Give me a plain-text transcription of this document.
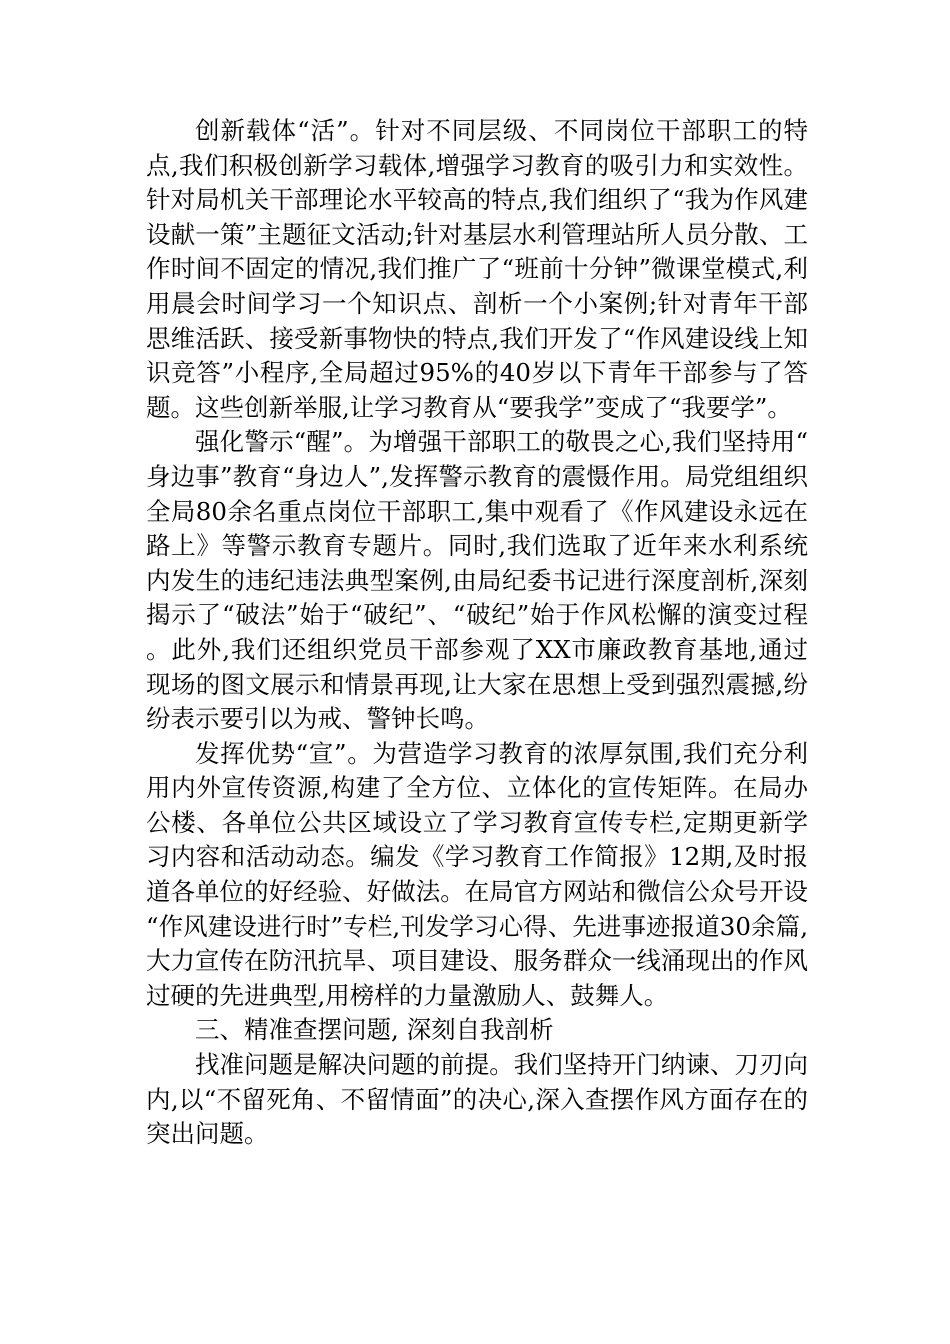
创新载体“活”。针对不同层级、不同岗位干部职工的特点,我们积极创新学习载体,增强学习教育的吸引力和实效性。针对局机关干部理论水平较高的特点,我们组织了“我为作风建设献一策”主题征文活动;针对基层水利管理站所人员分散、工作时间不固定的情况,我们推广了“班前十分钟”微课堂模式,利用晨会时间学习一个知识点、剖析一个小案例;针对青年干部思维活跃、接受新事物快的特点,我们开发了“作风建设线上知识竞答”小程序,全局超过95%的40岁以下青年干部参与了答题。这些创新举服,让学习教育从“要我学”变成了“我要学”。

强化警示“醒”。为增强干部职工的敬畏之心,我们坚持用“身边事”教育“身边人”,发挥警示教育的震慑作用。局党组组织全局80余名重点岗位干部职工,集中观看了《作风建设永远在路上》等警示教育专题片。同时,我们选取了近年来水利系统内发生的违纪违法典型案例,由局纪委书记进行深度剖析,深刻揭示了“破法”始于“破纪”、“破纪”始于作风松懈的演变过程。此外,我们还组织党员干部参观了XX市廉政教育基地,通过现场的图文展示和情景再现,让大家在思想上受到强烈震撼,纷纷表示要引以为戒、警钟长鸣。

发挥优势“宣”。为营造学习教育的浓厚氛围,我们充分利用内外宣传资源,构建了全方位、立体化的宣传矩阵。在局办公楼、各单位公共区域设立了学习教育宣传专栏,定期更新学习内容和活动动态。编发《学习教育工作简报》12期,及时报道各单位的好经验、好做法。在局官方网站和微信公众号开设“作风建设进行时”专栏,刊发学习心得、先进事迹报道30余篇,大力宣传在防汛抗旱、项目建设、服务群众一线涌现出的作风过硬的先进典型,用榜样的力量激励人、鼓舞人。

三、精准查摆问题, 深刻自我剖析

找准问题是解决问题的前提。我们坚持开门纳谏、刀刃向内,以“不留死角、不留情面”的决心,深入查摆作风方面存在的突出问题。
